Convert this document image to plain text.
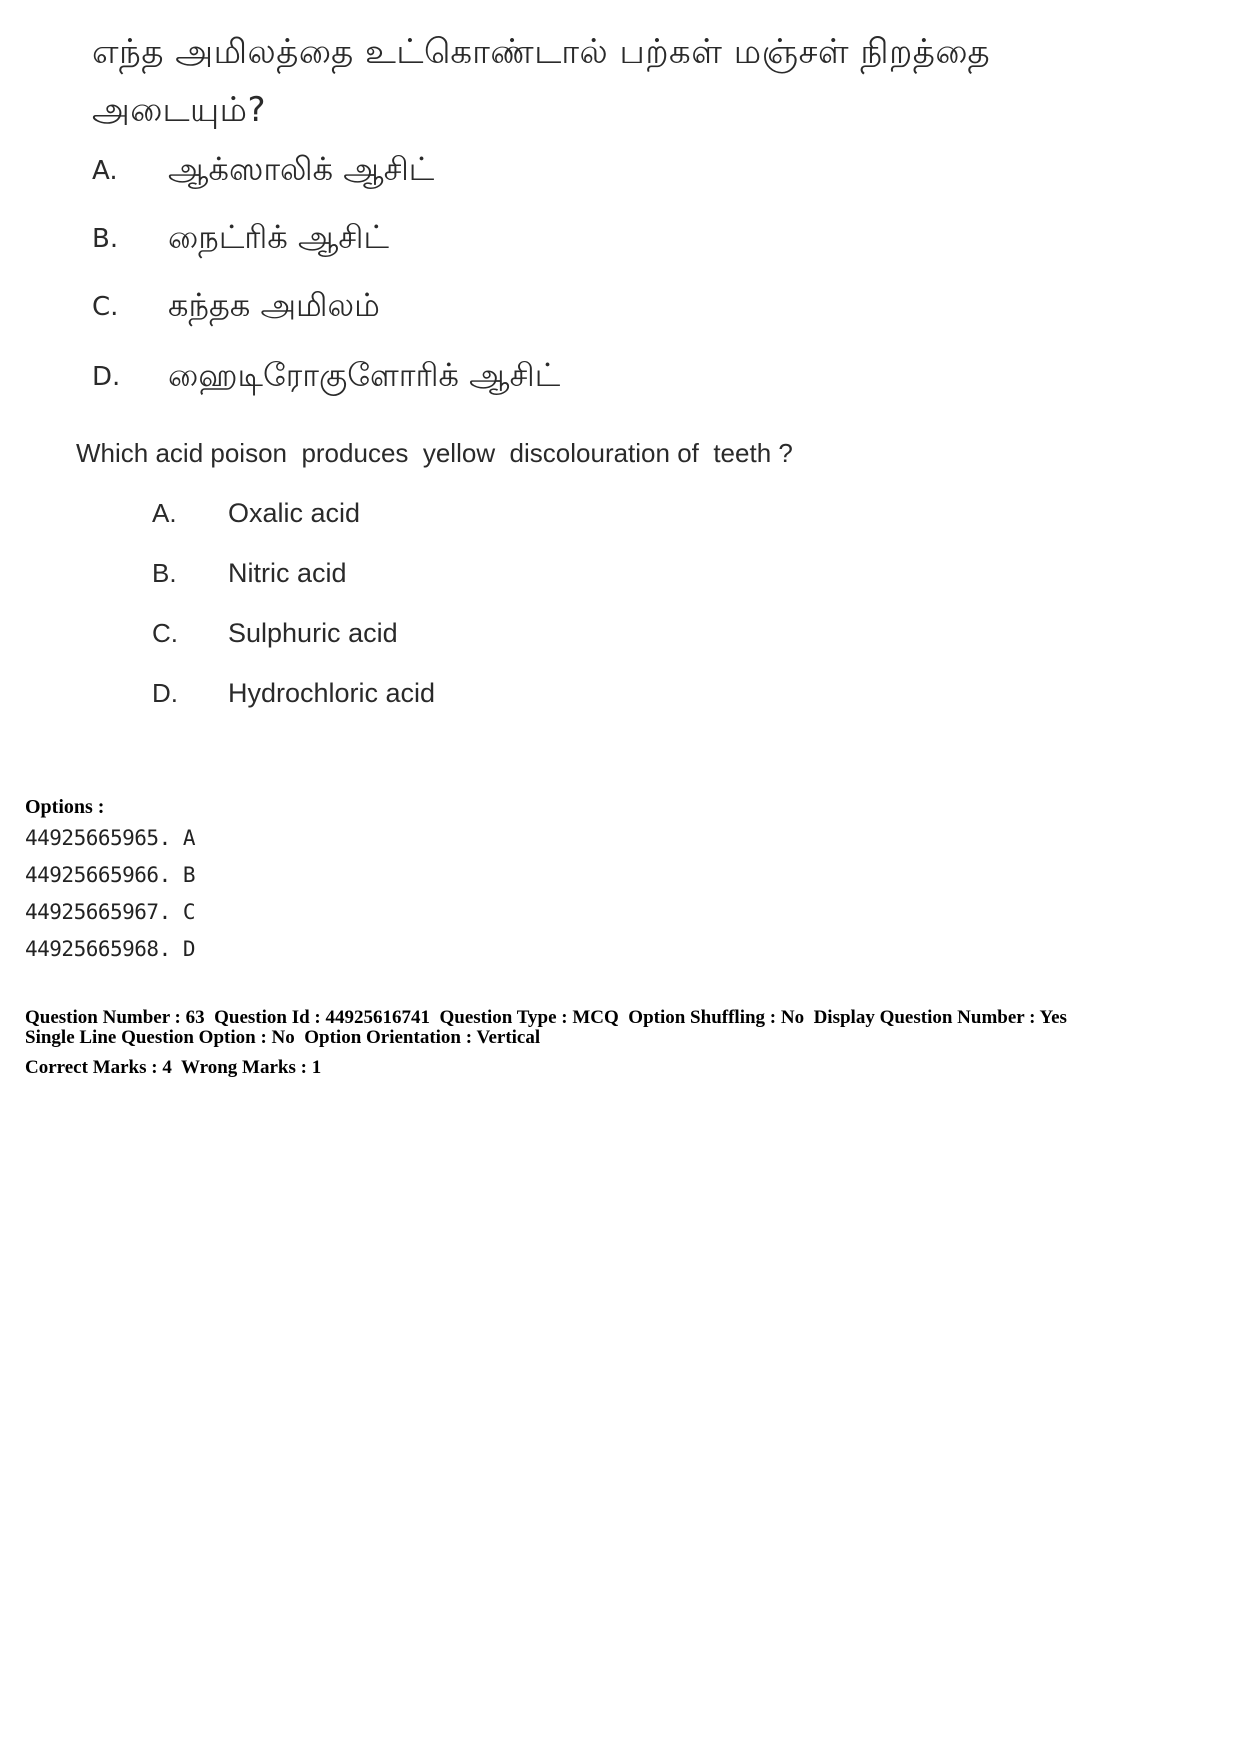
எந்த அமிலத்தை உட்கொண்டால் பற்கள் மஞ்சள் நிறத்தை
அடையும்?
A. ஆக்ஸாலிக் ஆசிட்
B. நைட்ரிக் ஆசிட்
C. கந்தக அமிலம்
D. ஹைடிரோகுளோரிக் ஆசிட்
Which acid poison  produces  yellow  discolouration of  teeth ?
A. Oxalic acid
B. Nitric acid
C. Sulphuric acid
D. Hydrochloric acid
Options :
44925665965. A
44925665966. B
44925665967. C
44925665968. D
Question Number : 63  Question Id : 44925616741  Question Type : MCQ  Option Shuffling : No  Display Question Number : Yes
Single Line Question Option : No  Option Orientation : Vertical
Correct Marks : 4  Wrong Marks : 1
